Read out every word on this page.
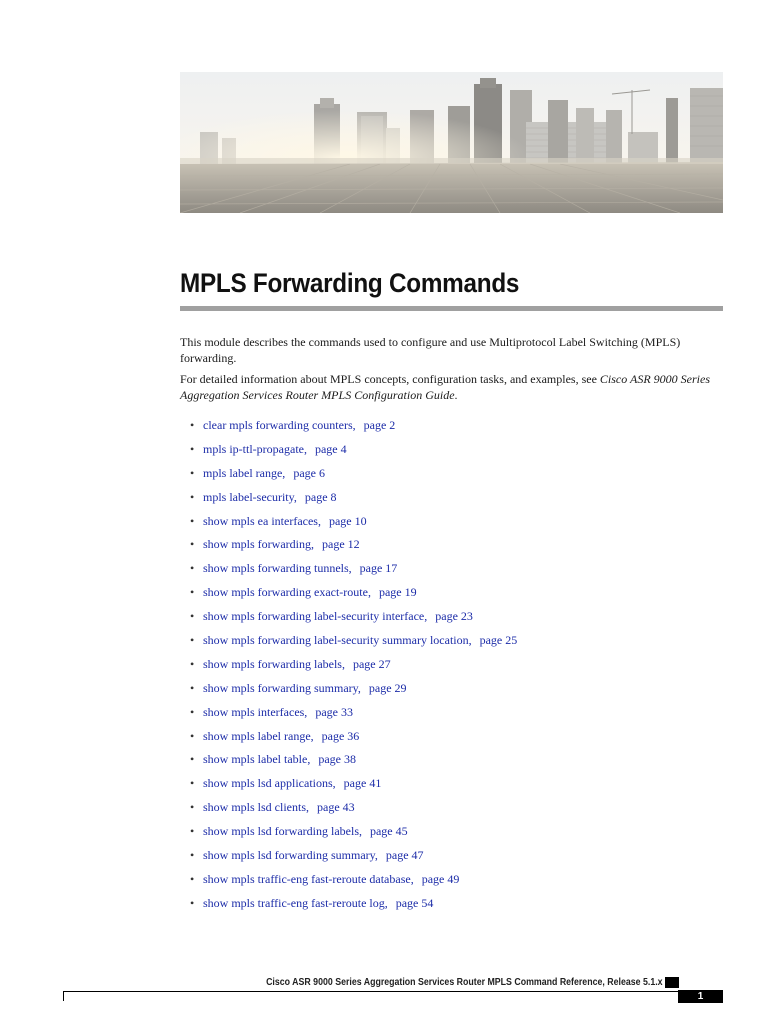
MPLS Forwarding Commands

This module describes the commands used to configure and use Multiprotocol Label Switching (MPLS) forwarding.

For detailed information about MPLS concepts, configuration tasks, and examples, see Cisco ASR 9000 Series Aggregation Services Router MPLS Configuration Guide.

• clear mpls forwarding counters, page 2
• mpls ip-ttl-propagate, page 4
• mpls label range, page 6
• mpls label-security, page 8
• show mpls ea interfaces, page 10
• show mpls forwarding, page 12
• show mpls forwarding tunnels, page 17
• show mpls forwarding exact-route, page 19
• show mpls forwarding label-security interface, page 23
• show mpls forwarding label-security summary location, page 25
• show mpls forwarding labels, page 27
• show mpls forwarding summary, page 29
• show mpls interfaces, page 33
• show mpls label range, page 36
• show mpls label table, page 38
• show mpls lsd applications, page 41
• show mpls lsd clients, page 43
• show mpls lsd forwarding labels, page 45
• show mpls lsd forwarding summary, page 47
• show mpls traffic-eng fast-reroute database, page 49
• show mpls traffic-eng fast-reroute log, page 54
Cisco ASR 9000 Series Aggregation Services Router MPLS Command Reference, Release 5.1.x
1
